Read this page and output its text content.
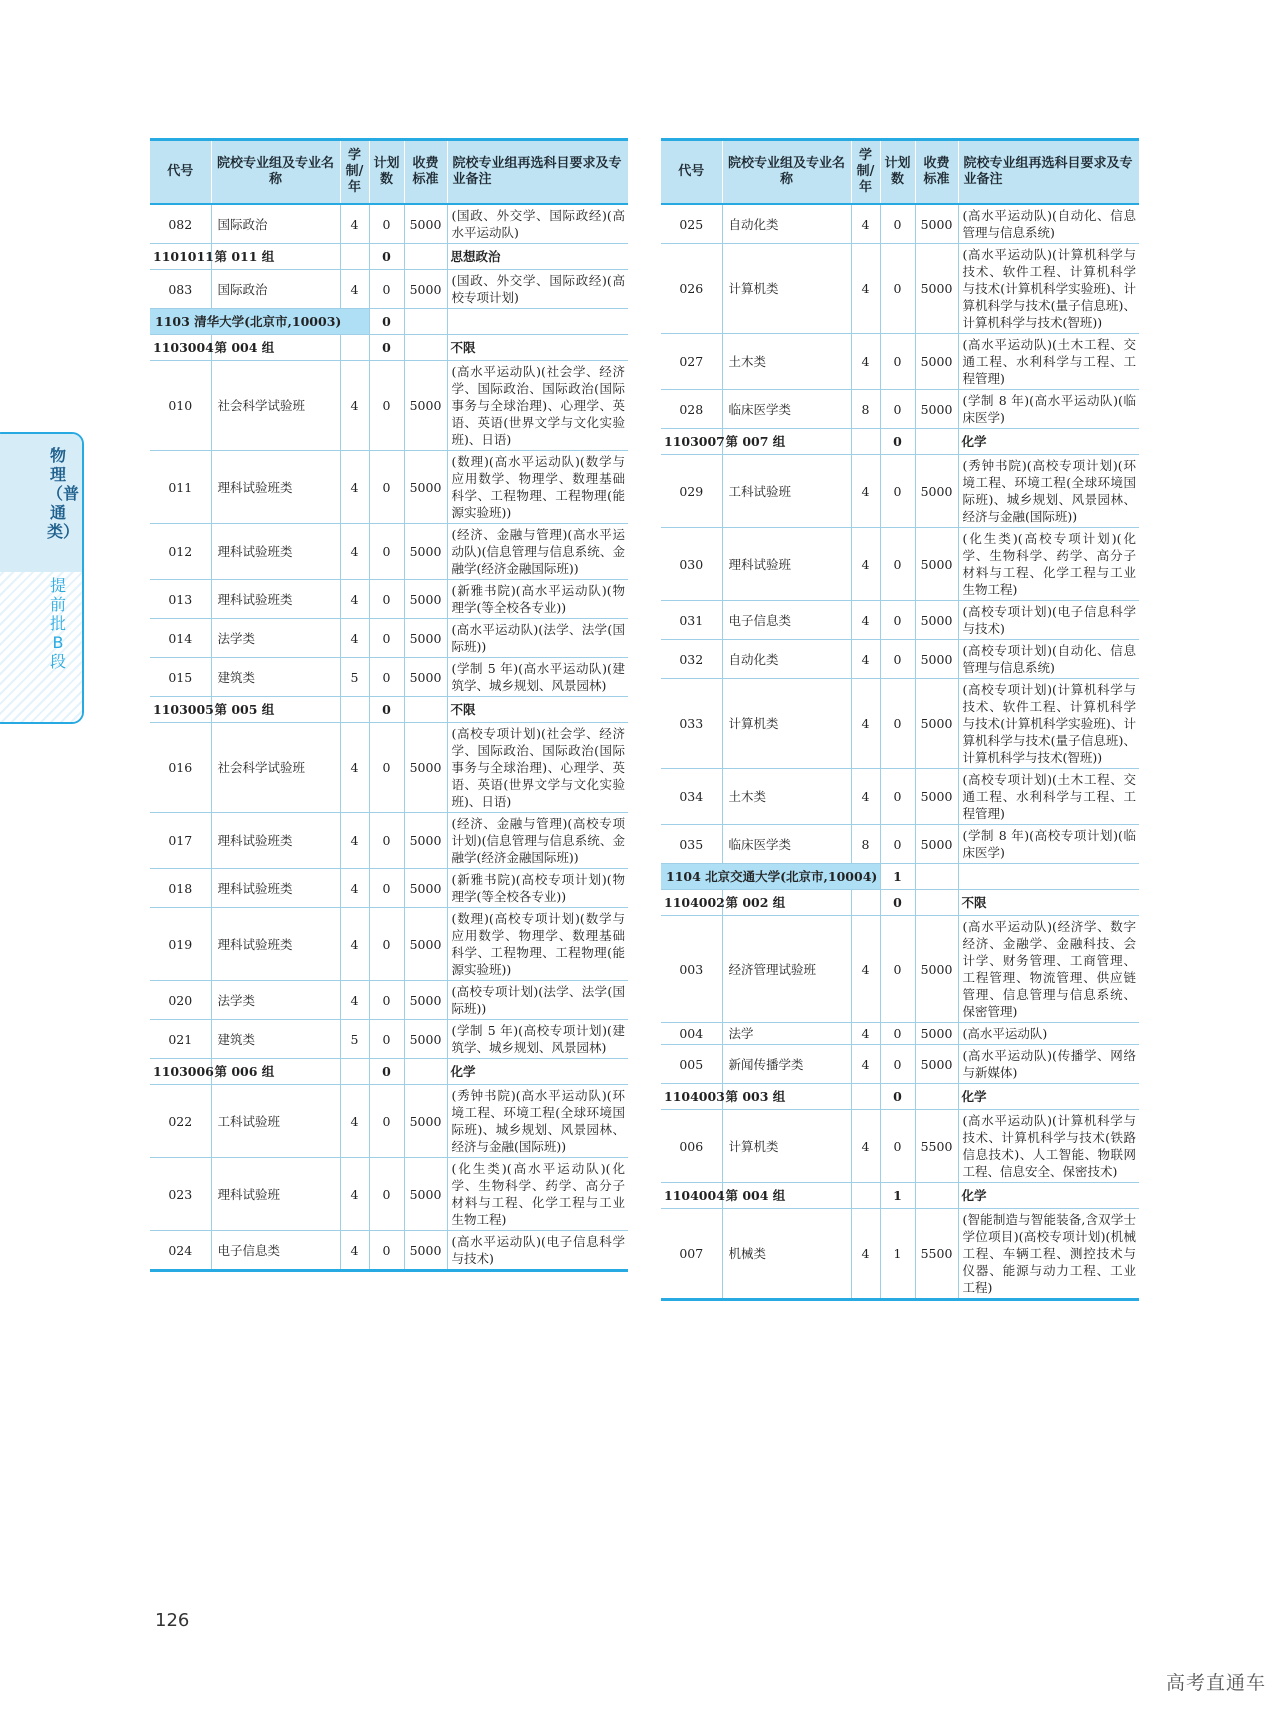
物理（普通类）
提前批B段
代号	院校专业组及专业名称	学制/年	计划数	收费标准	院校专业组再选科目要求及专业备注
082	国际政治	4	0	5000	(国政、外交学、国际政经)(高水平运动队)
1101011	第 011 组		0		思想政治
083	国际政治	4	0	5000	(国政、外交学、国际政经)(高校专项计划)
1103 清华大学(北京市,10003)			0		
1103004	第 004 组		0		不限
010	社会科学试验班	4	0	5000	(高水平运动队)(社会学、经济学、国际政治、国际政治(国际事务与全球治理)、心理学、英语、英语(世界文学与文化实验班)、日语)
011	理科试验班类	4	0	5000	(数理)(高水平运动队)(数学与应用数学、物理学、数理基础科学、工程物理、工程物理(能源实验班))
012	理科试验班类	4	0	5000	(经济、金融与管理)(高水平运动队)(信息管理与信息系统、金融学(经济金融国际班))
013	理科试验班类	4	0	5000	(新雅书院)(高水平运动队)(物理学(等全校各专业))
014	法学类	4	0	5000	(高水平运动队)(法学、法学(国际班))
015	建筑类	5	0	5000	(学制 5 年)(高水平运动队)(建筑学、城乡规划、风景园林)
1103005	第 005 组		0		不限
016	社会科学试验班	4	0	5000	(高校专项计划)(社会学、经济学、国际政治、国际政治(国际事务与全球治理)、心理学、英语、英语(世界文学与文化实验班)、日语)
017	理科试验班类	4	0	5000	(经济、金融与管理)(高校专项计划)(信息管理与信息系统、金融学(经济金融国际班))
018	理科试验班类	4	0	5000	(新雅书院)(高校专项计划)(物理学(等全校各专业))
019	理科试验班类	4	0	5000	(数理)(高校专项计划)(数学与应用数学、物理学、数理基础科学、工程物理、工程物理(能源实验班))
020	法学类	4	0	5000	(高校专项计划)(法学、法学(国际班))
021	建筑类	5	0	5000	(学制 5 年)(高校专项计划)(建筑学、城乡规划、风景园林)
1103006	第 006 组		0		化学
022	工科试验班	4	0	5000	(秀钟书院)(高水平运动队)(环境工程、环境工程(全球环境国际班)、城乡规划、风景园林、经济与金融(国际班))
023	理科试验班	4	0	5000	(化生类)(高水平运动队)(化学、生物科学、药学、高分子材料与工程、化学工程与工业生物工程)
024	电子信息类	4	0	5000	(高水平运动队)(电子信息科学与技术)
代号	院校专业组及专业名称	学制/年	计划数	收费标准	院校专业组再选科目要求及专业备注
025	自动化类	4	0	5000	(高水平运动队)(自动化、信息管理与信息系统)
026	计算机类	4	0	5000	(高水平运动队)(计算机科学与技术、软件工程、计算机科学与技术(计算机科学实验班)、计算机科学与技术(量子信息班)、计算机科学与技术(智班))
027	土木类	4	0	5000	(高水平运动队)(土木工程、交通工程、水利科学与工程、工程管理)
028	临床医学类	8	0	5000	(学制 8 年)(高水平运动队)(临床医学)
1103007	第 007 组		0		化学
029	工科试验班	4	0	5000	(秀钟书院)(高校专项计划)(环境工程、环境工程(全球环境国际班)、城乡规划、风景园林、经济与金融(国际班))
030	理科试验班	4	0	5000	(化生类)(高校专项计划)(化学、生物科学、药学、高分子材料与工程、化学工程与工业生物工程)
031	电子信息类	4	0	5000	(高校专项计划)(电子信息科学与技术)
032	自动化类	4	0	5000	(高校专项计划)(自动化、信息管理与信息系统)
033	计算机类	4	0	5000	(高校专项计划)(计算机科学与技术、软件工程、计算机科学与技术(计算机科学实验班)、计算机科学与技术(量子信息班)、计算机科学与技术(智班))
034	土木类	4	0	5000	(高校专项计划)(土木工程、交通工程、水利科学与工程、工程管理)
035	临床医学类	8	0	5000	(学制 8 年)(高校专项计划)(临床医学)
1104 北京交通大学(北京市,10004)			1		
1104002	第 002 组		0		不限
003	经济管理试验班	4	0	5000	(高水平运动队)(经济学、数字经济、金融学、金融科技、会计学、财务管理、工商管理、工程管理、物流管理、供应链管理、信息管理与信息系统、保密管理)
004	法学	4	0	5000	(高水平运动队)
005	新闻传播学类	4	0	5000	(高水平运动队)(传播学、网络与新媒体)
1104003	第 003 组		0		化学
006	计算机类	4	0	5500	(高水平运动队)(计算机科学与技术、计算机科学与技术(铁路信息技术)、人工智能、物联网工程、信息安全、保密技术)
1104004	第 004 组		1		化学
007	机械类	4	1	5500	(智能制造与智能装备,含双学士学位项目)(高校专项计划)(机械工程、车辆工程、测控技术与仪器、能源与动力工程、工业工程)
126
高考直通车
